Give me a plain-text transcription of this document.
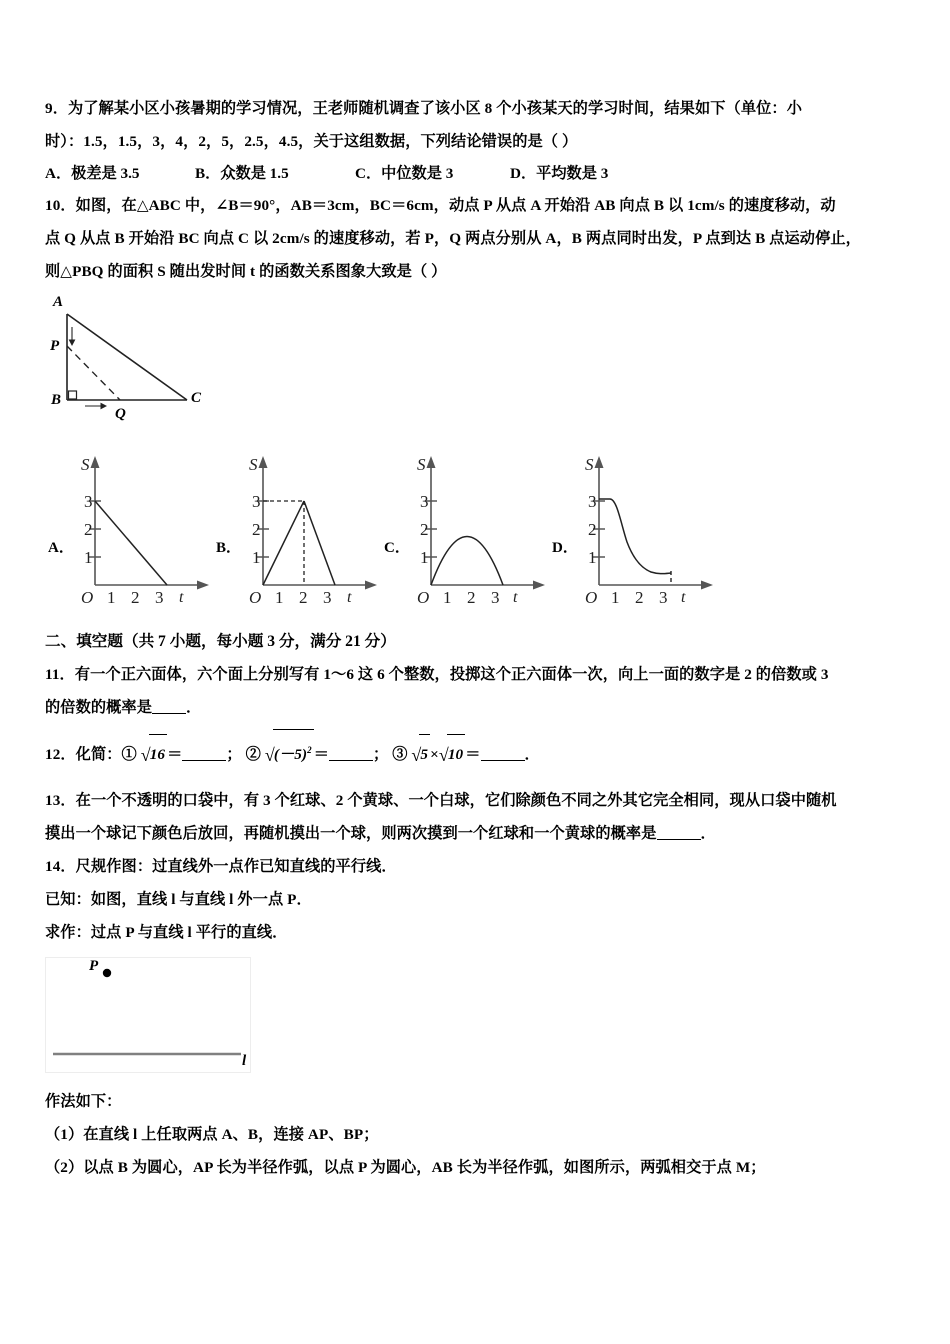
9．为了解某小区小孩暑期的学习情况，王老师随机调查了该小区 8 个小孩某天的学习时间，结果如下（单位：小
时）：1.5，1.5，3，4，2，5，2.5，4.5，关于这组数据，下列结论错误的是（ ）
A．极差是 3.5	B．众数是 1.5	C．中位数是 3	D．平均数是 3
10．如图，在△ABC 中，∠B＝90°，AB＝3cm，BC＝6cm，动点 P 从点 A 开始沿 AB 向点 B 以 1cm/s 的速度移动，动
点 Q 从点 B 开始沿 BC 向点 C 以 2cm/s 的速度移动，若 P，Q 两点分别从 A，B 两点同时出发，P 点到达 B 点运动停止，
则△PBQ 的面积 S 随出发时间 t 的函数关系图象大致是（ ）
A
P
B
Q
C
A．
S
3
2
1
O 1 2 3 t
B．
S
3
2
1
O 1 2 3 t
C．
S
3
2
1
O 1 2 3 t
D．
S
3
2
1
O 1 2 3 t
二、填空题（共 7 小题，每小题 3 分，满分 21 分）
11．有一个正六面体，六个面上分别写有 1～6 这 6 个整数，投掷这个正六面体一次，向上一面的数字是 2 的倍数或 3
的倍数的概率是 ．
12．化简：① √16 ＝	； ② $√(-5)^2$ ＝	； ③ √5 ×√10 ＝	．
13．在一个不透明的口袋中，有 3 个红球、2 个黄球、一个白球，它们除颜色不同之外其它完全相同，现从口袋中随机
摸出一个球记下颜色后放回，再随机摸出一个球，则两次摸到一个红球和一个黄球的概率是	．
14．尺规作图：过直线外一点作已知直线的平行线．
已知：如图，直线 l 与直线 l 外一点 P．
求作：过点 P 与直线 l 平行的直线．
P
l
作法如下：
（1）在直线 l 上任取两点 A、B，连接 AP、BP；
（2）以点 B 为圆心，AP 长为半径作弧，以点 P 为圆心，AB 长为半径作弧，如图所示，两弧相交于点 M；
